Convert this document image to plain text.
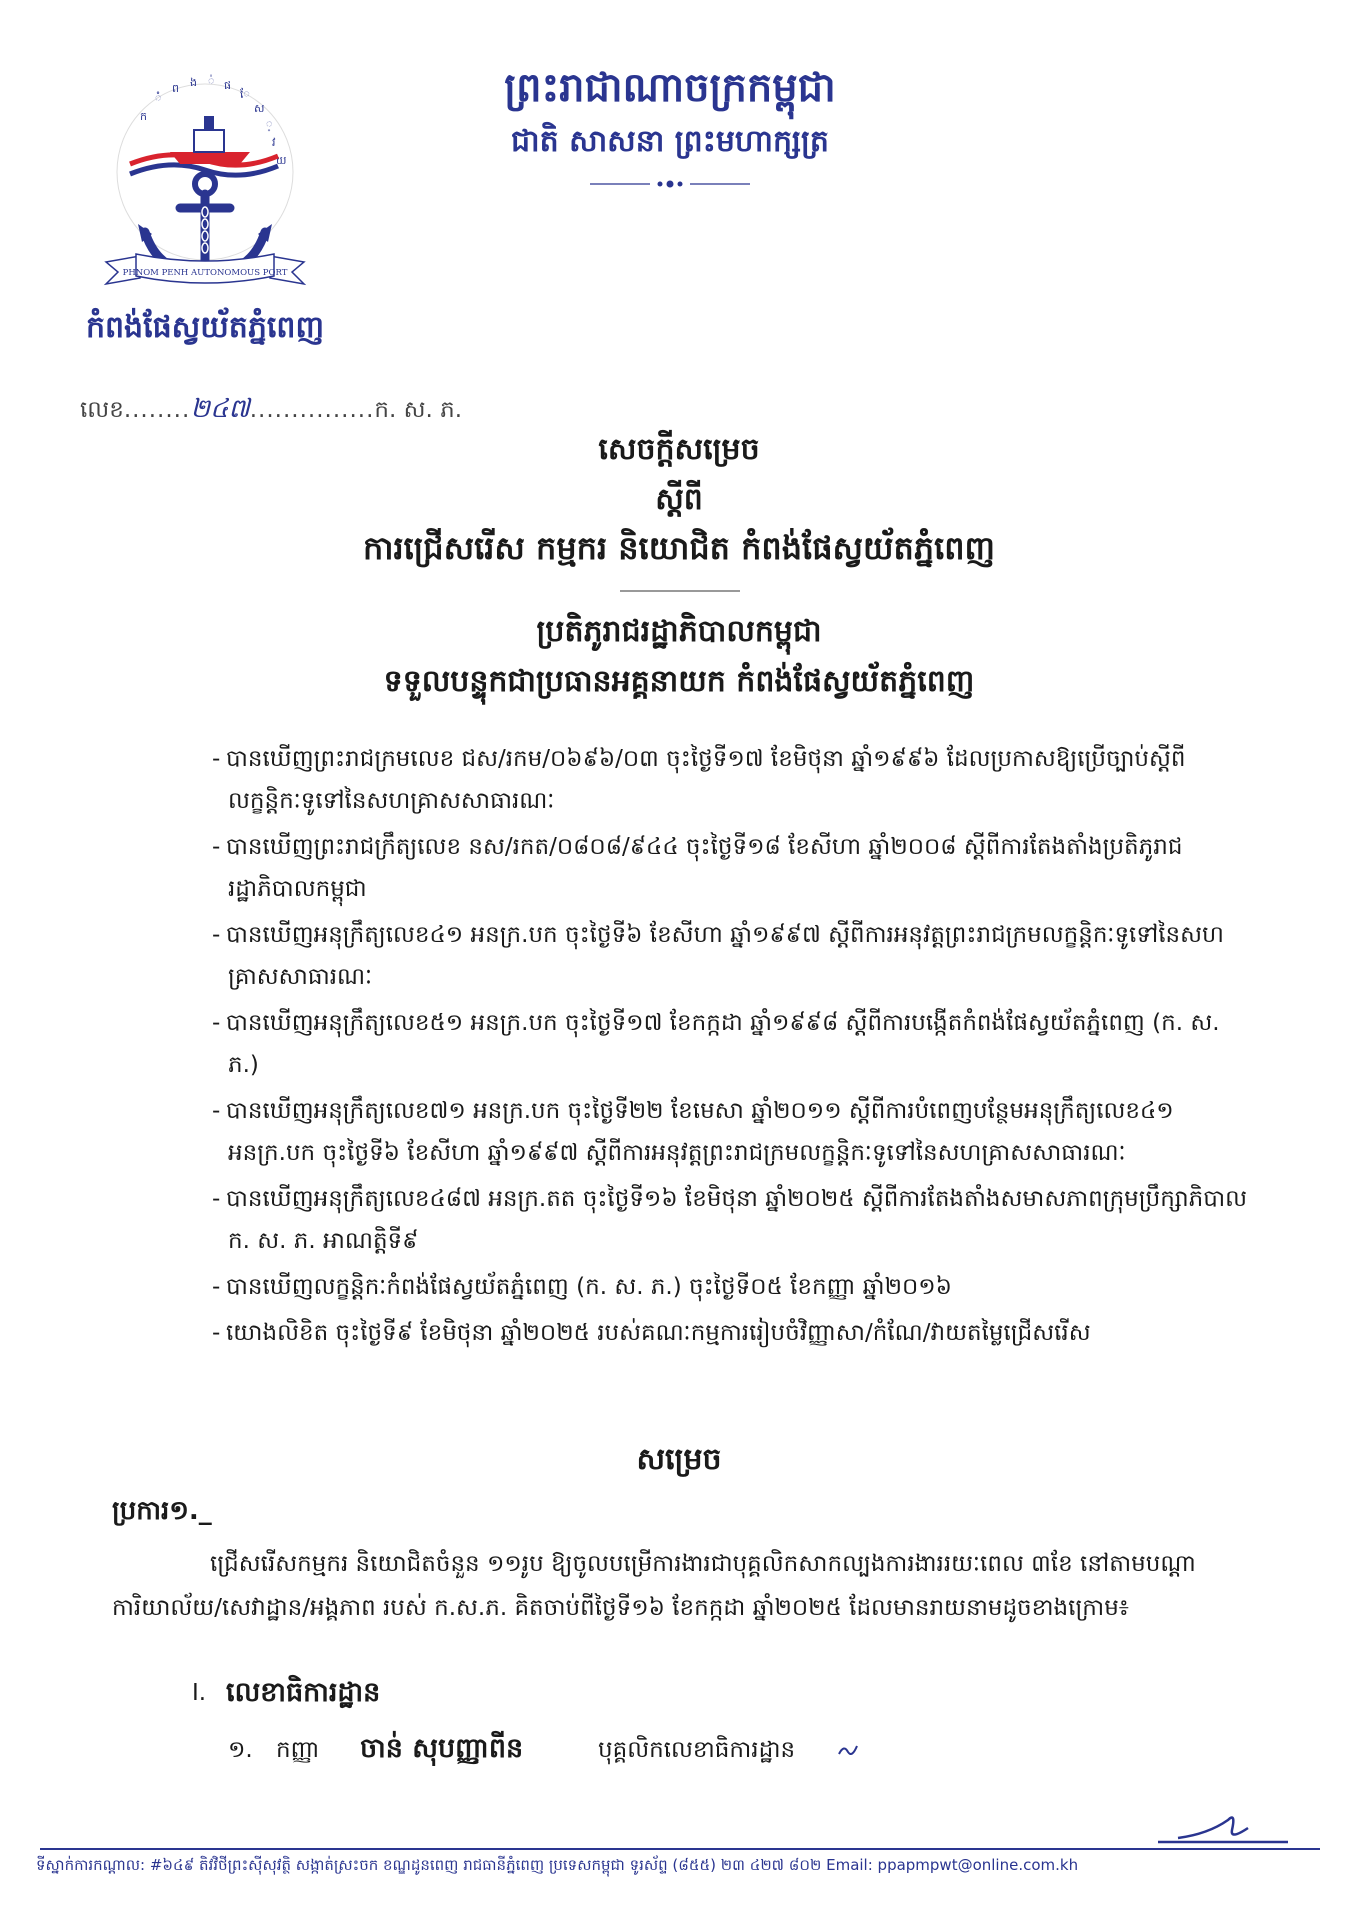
ក
ំ
ព ង ់ ផ
ែ
ស
្
វ
យ
PHNOM PENH AUTONOMOUS PORT
កំពង់ផែស្វយ័តភ្នំពេញ
ព្រះរាជាណាចក្រកម្ពុជា
ជាតិ សាសនា ព្រះមហាក្សត្រ
លេខ........២៤៧...............ក. ស. ភ.
សេចក្តីសម្រេច
ស្តីពី
ការជ្រើសរើស កម្មករ និយោជិត កំពង់ផែស្វយ័តភ្នំពេញ
ប្រតិភូរាជរដ្ឋាភិបាលកម្ពុជា
ទទួលបន្ទុកជាប្រធានអគ្គនាយក កំពង់ផែស្វយ័តភ្នំពេញ
- បានឃើញព្រះរាជក្រមលេខ ជស/រកម/០៦៩៦/០៣ ចុះថ្ងៃទី១៧ ខែមិថុនា ឆ្នាំ១៩៩៦ ដែលប្រកាសឱ្យប្រើច្បាប់ស្តីពីលក្ខន្តិកៈទូទៅនៃសហគ្រាសសាធារណៈ
- បានឃើញព្រះរាជក្រឹត្យលេខ នស/រកត/០៨០៨/៩៤៤ ចុះថ្ងៃទី១៨ ខែសីហា ឆ្នាំ២០០៨ ស្តីពីការតែងតាំងប្រតិភូរាជរដ្ឋាភិបាលកម្ពុជា
- បានឃើញអនុក្រឹត្យលេខ៤១ អនក្រ.បក ចុះថ្ងៃទី៦ ខែសីហា ឆ្នាំ១៩៩៧ ស្តីពីការអនុវត្តព្រះរាជក្រមលក្ខន្តិកៈទូទៅនៃសហគ្រាសសាធារណៈ
- បានឃើញអនុក្រឹត្យលេខ៥១ អនក្រ.បក ចុះថ្ងៃទី១៧ ខែកក្កដា ឆ្នាំ១៩៩៨ ស្តីពីការបង្កើតកំពង់ផែស្វយ័តភ្នំពេញ (ក. ស. ភ.)
- បានឃើញអនុក្រឹត្យលេខ៧១ អនក្រ.បក ចុះថ្ងៃទី២២ ខែមេសា ឆ្នាំ២០១១ ស្តីពីការបំពេញបន្ថែមអនុក្រឹត្យលេខ៤១ អនក្រ.បក ចុះថ្ងៃទី៦ ខែសីហា ឆ្នាំ១៩៩៧ ស្តីពីការអនុវត្តព្រះរាជក្រមលក្ខន្តិកៈទូទៅនៃសហគ្រាសសាធារណៈ
- បានឃើញអនុក្រឹត្យលេខ៤៨៧ អនក្រ.តត ចុះថ្ងៃទី១៦ ខែមិថុនា ឆ្នាំ២០២៥ ស្តីពីការតែងតាំងសមាសភាពក្រុមប្រឹក្សាភិបាល ក. ស. ភ. អាណត្តិទី៩
- បានឃើញលក្ខន្តិកៈកំពង់ផែស្វយ័តភ្នំពេញ (ក. ស. ភ.) ចុះថ្ងៃទី០៥ ខែកញ្ញា ឆ្នាំ២០១៦
- យោងលិខិត ចុះថ្ងៃទី៩ ខែមិថុនា ឆ្នាំ២០២៥ របស់គណៈកម្មការរៀបចំវិញ្ញាសា/កំណែ/វាយតម្លៃជ្រើសរើស
សម្រេច
ប្រការ១._
ជ្រើសរើសកម្មករ និយោជិតចំនួន ១១រូប ឱ្យចូលបម្រើការងារជាបុគ្គលិកសាកល្បងការងាររយៈពេល ៣ខែ នៅតាមបណ្តាការិយាល័យ/សេវាដ្ឋាន/អង្គភាព របស់ ក.ស.ភ. គិតចាប់ពីថ្ងៃទី១៦ ខែកក្កដា ឆ្នាំ២០២៥ ដែលមានរាយនាមដូចខាងក្រោម៖
I. លេខាធិការដ្ឋាន
១. កញ្ញា ចាន់ សុបញ្ញាពីន	បុគ្គលិកលេខាធិការដ្ឋាន
ទីស្នាក់ការកណ្តាល: #៦៤៩ តិវវិថីព្រះស៊ីសុវត្ថិ សង្កាត់ស្រះចក ខណ្ឌដូនពេញ រាជធានីភ្នំពេញ ប្រទេសកម្ពុជា ទូរស័ព្ទ (៨៥៥) ២៣ ៤២៧ ៨០២ Email: ppapmpwt@online.com.kh
